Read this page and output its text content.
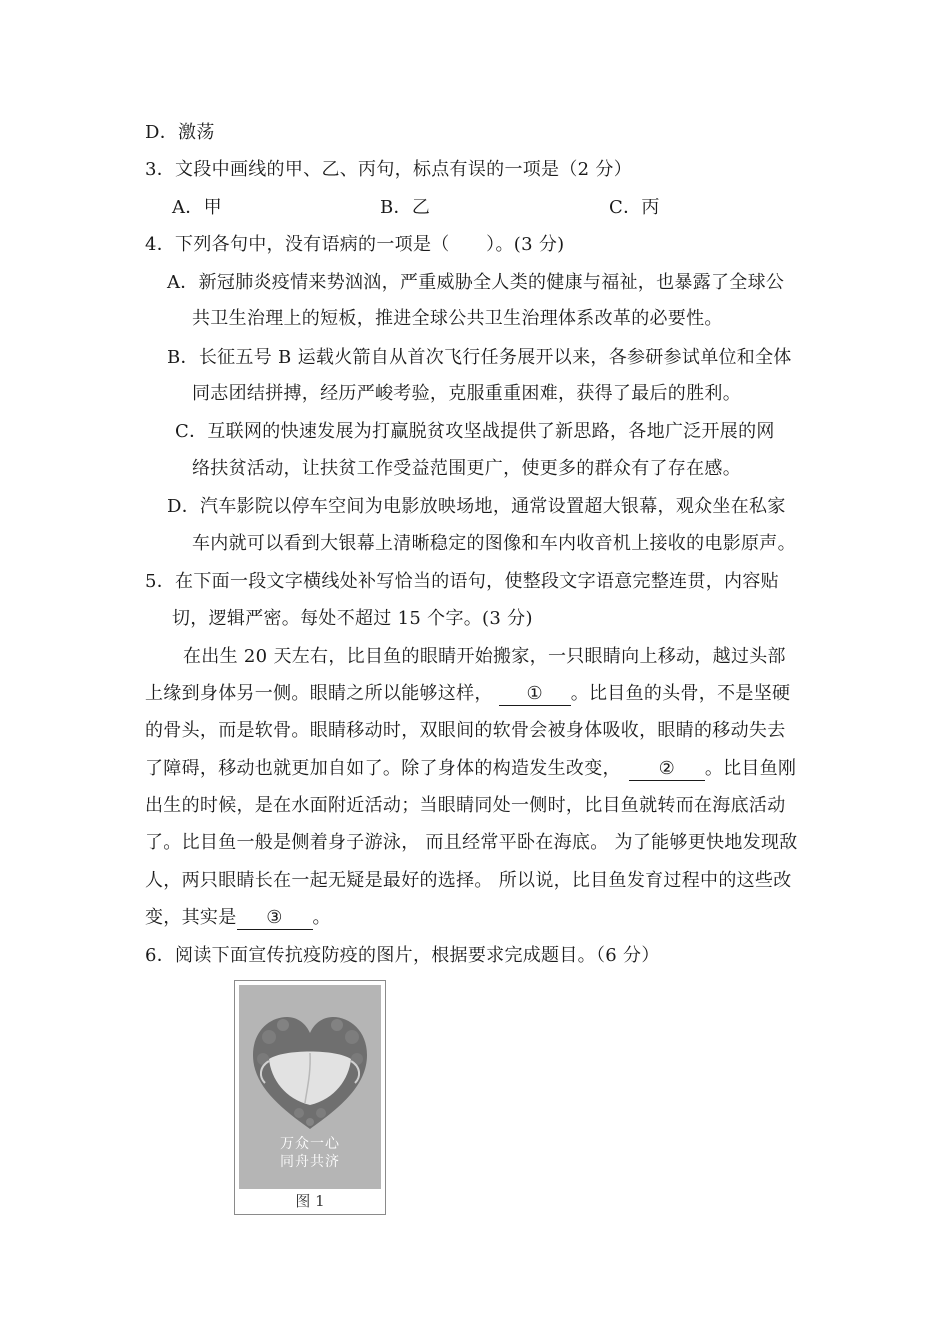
D．激荡
3．文段中画线的甲、乙、丙句，标点有误的一项是（2 分）
A．甲	B．乙	C．丙
4．下列各句中，没有语病的一项是（　　）。(3 分)
A．新冠肺炎疫情来势汹汹，严重威胁全人类的健康与福祉，也暴露了全球公
共卫生治理上的短板，推进全球公共卫生治理体系改革的必要性。
B．长征五号 B 运载火箭自从首次飞行任务展开以来，各参研参试单位和全体
同志团结拼搏，经历严峻考验，克服重重困难，获得了最后的胜利。
C．互联网的快速发展为打赢脱贫攻坚战提供了新思路，各地广泛开展的网
络扶贫活动，让扶贫工作受益范围更广，使更多的群众有了存在感。
D．汽车影院以停车空间为电影放映场地，通常设置超大银幕，观众坐在私家
车内就可以看到大银幕上清晰稳定的图像和车内收音机上接收的电影原声。
5．在下面一段文字横线处补写恰当的语句，使整段文字语意完整连贯，内容贴
切，逻辑严密。每处不超过 15 个字。(3 分)
在出生 20 天左右，比目鱼的眼睛开始搬家，一只眼睛向上移动，越过头部
上缘到身体另一侧。眼睛之所以能够这样， ① 。比目鱼的头骨，不是坚硬
的骨头，而是软骨。眼睛移动时，双眼间的软骨会被身体吸收，眼睛的移动失去
了障碍，移动也就更加自如了。除了身体的构造发生改变， ② 。比目鱼刚
出生的时候，是在水面附近活动；当眼睛同处一侧时，比目鱼就转而在海底活动
了。比目鱼一般是侧着身子游泳， 而且经常平卧在海底。 为了能够更快地发现敌
人，两只眼睛长在一起无疑是最好的选择。 所以说，比目鱼发育过程中的这些改
变，其实是 ③ 。
6．阅读下面宣传抗疫防疫的图片，根据要求完成题目。（6 分）
万众一心
同舟共济
图 1
